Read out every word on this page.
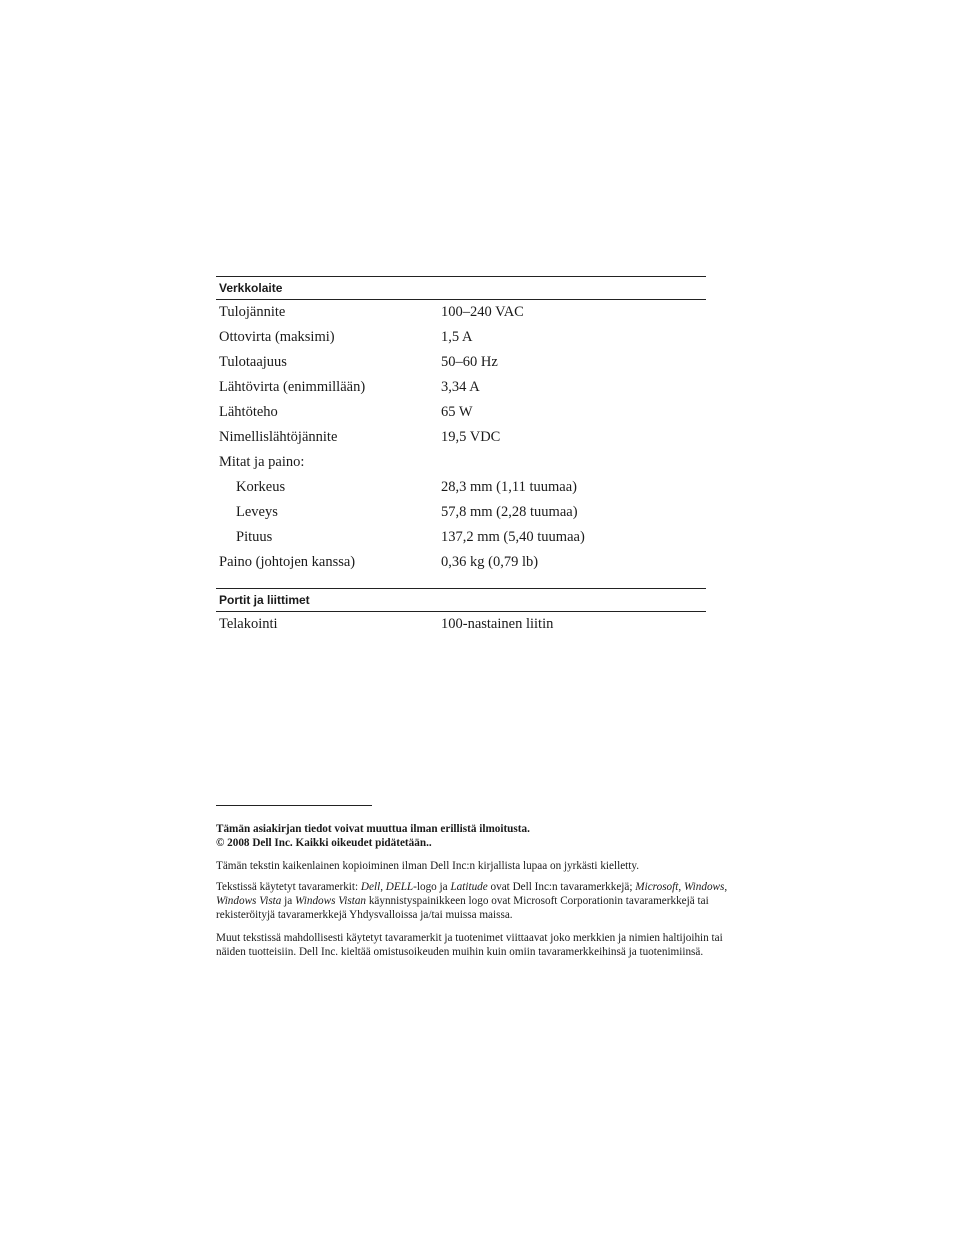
Verkkolaite
Tulojännite	100–240 VAC
Ottovirta (maksimi)	1,5 A
Tulotaajuus	50–60 Hz
Lähtövirta (enimmillään)	3,34 A
Lähtöteho	65 W
Nimellislähtöjännite	19,5 VDC
Mitat ja paino:
Korkeus	28,3 mm (1,11 tuumaa)
Leveys	57,8 mm (2,28 tuumaa)
Pituus	137,2 mm (5,40 tuumaa)
Paino (johtojen kanssa)	0,36 kg (0,79 lb)
Portit ja liittimet
Telakointi	100-nastainen liitin

Tämän asiakirjan tiedot voivat muuttua ilman erillistä ilmoitusta.

© 2008 Dell Inc. Kaikki oikeudet pidätetään..

Tämän tekstin kaikenlainen kopioiminen ilman Dell Inc:n kirjallista lupaa on jyrkästi kielletty.

Tekstissä käytetyt tavaramerkit: Dell, DELL-logo ja Latitude ovat Dell Inc:n tavaramerkkejä; Microsoft, Windows, Windows Vista ja Windows Vistan käynnistyspainikkeen logo ovat Microsoft Corporationin tavaramerkkejä tai rekisteröityjä tavaramerkkejä Yhdysvalloissa ja/tai muissa maissa.

Muut tekstissä mahdollisesti käytetyt tavaramerkit ja tuotenimet viittaavat joko merkkien ja nimien haltijoihin tai näiden tuotteisiin. Dell Inc. kieltää omistusoikeuden muihin kuin omiin tavaramerkkeihinsä ja tuotenimiinsä.
